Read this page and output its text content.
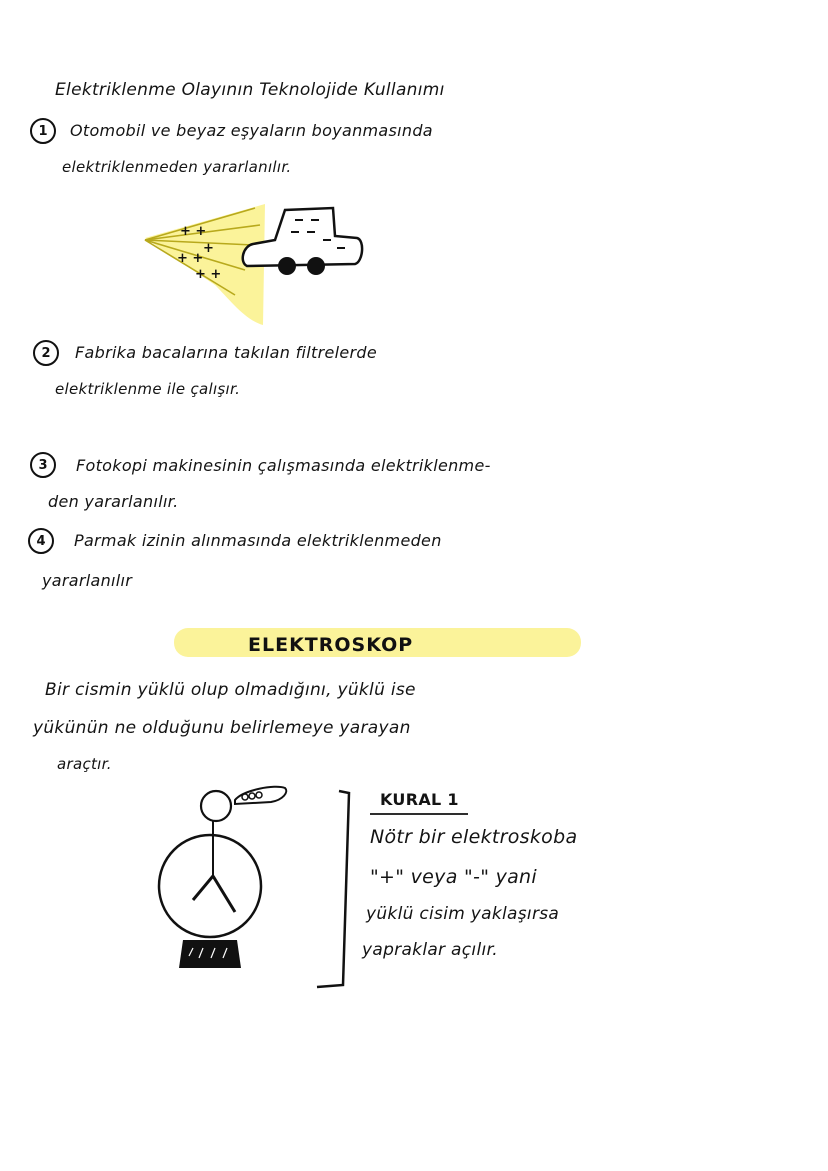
Elektriklenme Olayının Teknolojide Kullanımı
1	Otomobil ve beyaz eşyaların boyanmasında
elektriklenmeden yararlanılır.
+ +
+
+ +
+ +
2	Fabrika bacalarına takılan filtrelerde
elektriklenme ile çalışır.
3	Fotokopi makinesinin çalışmasında elektriklenme-
den yararlanılır.
4	Parmak izinin alınmasında elektriklenmeden
yararlanılır
ELEKTROSKOP
Bir cismin yüklü olup olmadığını, yüklü ise
yükünün ne olduğunu belirlemeye yarayan
araçtır.
KURAL 1
Nötr bir elektroskoba
"+" veya "-" yani
yüklü cisim yaklaşırsa
yapraklar açılır.
